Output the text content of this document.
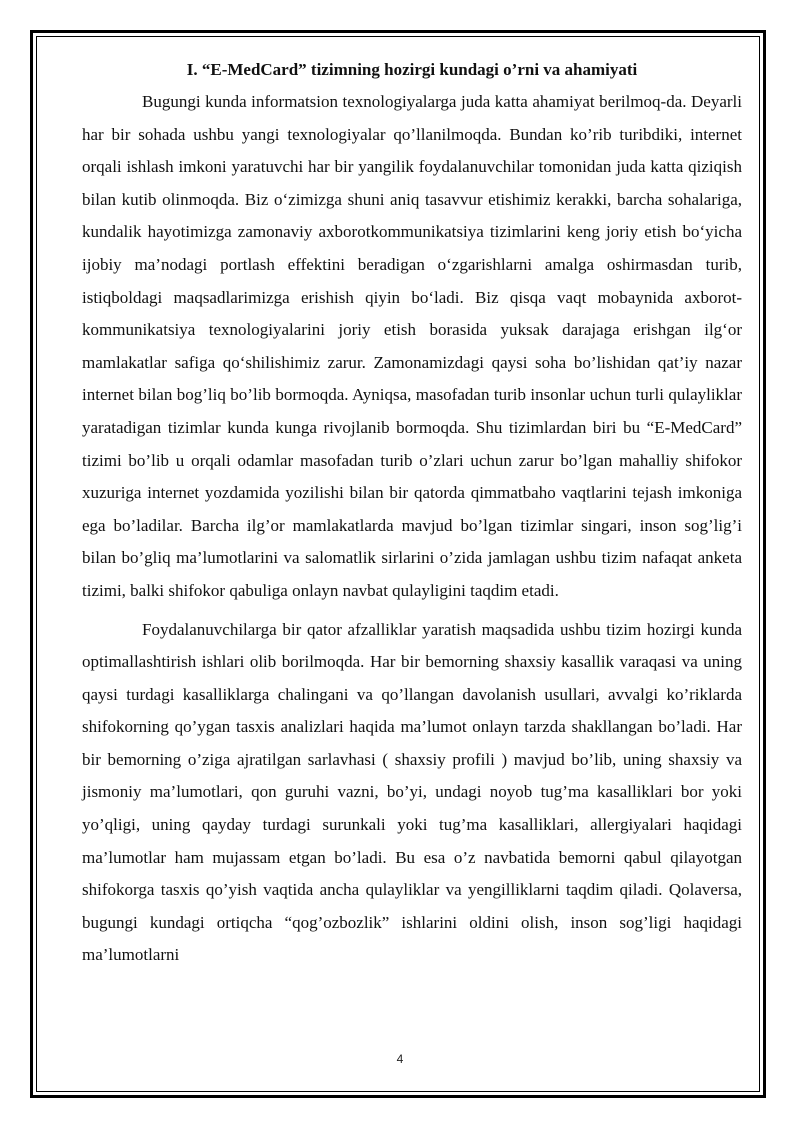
I. “E-MedCard” tizimning hozirgi kundagi o’rni va ahamiyati

Bugungi kunda informatsion texnologiyalarga juda katta ahamiyat berilmoq-da. Deyarli har bir sohada ushbu yangi texnologiyalar qo’llanilmoqda. Bundan ko’rib turibdiki, internet orqali ishlash imkoni yaratuvchi har bir yangilik foydalanuvchilar tomonidan juda katta qiziqish bilan kutib olinmoqda. Biz o‘zimizga shuni aniq tasavvur etishimiz kerakki, barcha sohalariga, kundalik hayotimizga zamonaviy axborotkommunikatsiya tizimlarini keng joriy etish bo‘yicha ijobiy ma’nodagi portlash effektini beradigan o‘zgarishlarni amalga oshirmasdan turib, istiqboldagi maqsadlarimizga erishish qiyin bo‘ladi. Biz qisqa vaqt mobaynida axborot-kommunikatsiya texnologiyalarini joriy etish borasida yuksak darajaga erishgan ilg‘or mamlakatlar safiga qo‘shilishimiz zarur. Zamonamizdagi qaysi soha bo’lishidan qat’iy nazar internet bilan bog’liq bo’lib bormoqda. Ayniqsa, masofadan turib insonlar uchun turli qulayliklar yaratadigan tizimlar kunda kunga rivojlanib bormoqda. Shu tizimlardan biri bu “E-MedCard” tizimi bo’lib u orqali odamlar masofadan turib o’zlari uchun zarur bo’lgan mahalliy shifokor xuzuriga internet yozdamida yozilishi bilan bir qatorda qimmatbaho vaqtlarini tejash imkoniga ega bo’ladilar. Barcha ilg’or mamlakatlarda mavjud bo’lgan tizimlar singari, inson sog’lig’i bilan bo’gliq ma’lumotlarini va salomatlik sirlarini o’zida jamlagan ushbu tizim nafaqat anketa tizimi, balki shifokor qabuliga onlayn navbat qulayligini taqdim etadi.

Foydalanuvchilarga bir qator afzalliklar yaratish maqsadida ushbu tizim hozirgi kunda optimallashtirish ishlari olib borilmoqda. Har bir bemorning shaxsiy kasallik varaqasi va uning qaysi turdagi kasalliklarga chalingani va qo’llangan davolanish usullari, avvalgi ko’riklarda shifokorning qo’ygan tasxis analizlari haqida ma’lumot onlayn tarzda shakllangan bo’ladi. Har bir bemorning o’ziga ajratilgan sarlavhasi ( shaxsiy profili ) mavjud bo’lib, uning shaxsiy va jismoniy ma’lumotlari, qon guruhi vazni, bo’yi, undagi noyob tug’ma kasalliklari bor yoki yo’qligi, uning qayday turdagi surunkali yoki tug’ma kasalliklari, allergiyalari haqidagi ma’lumotlar ham mujassam etgan bo’ladi. Bu esa o’z navbatida bemorni qabul qilayotgan shifokorga tasxis qo’yish vaqtida ancha qulayliklar va yengilliklarni taqdim qiladi. Qolaversa, bugungi kundagi ortiqcha “qog’ozbozlik” ishlarini oldini olish, inson sog’ligi haqidagi ma’lumotlarni

4
